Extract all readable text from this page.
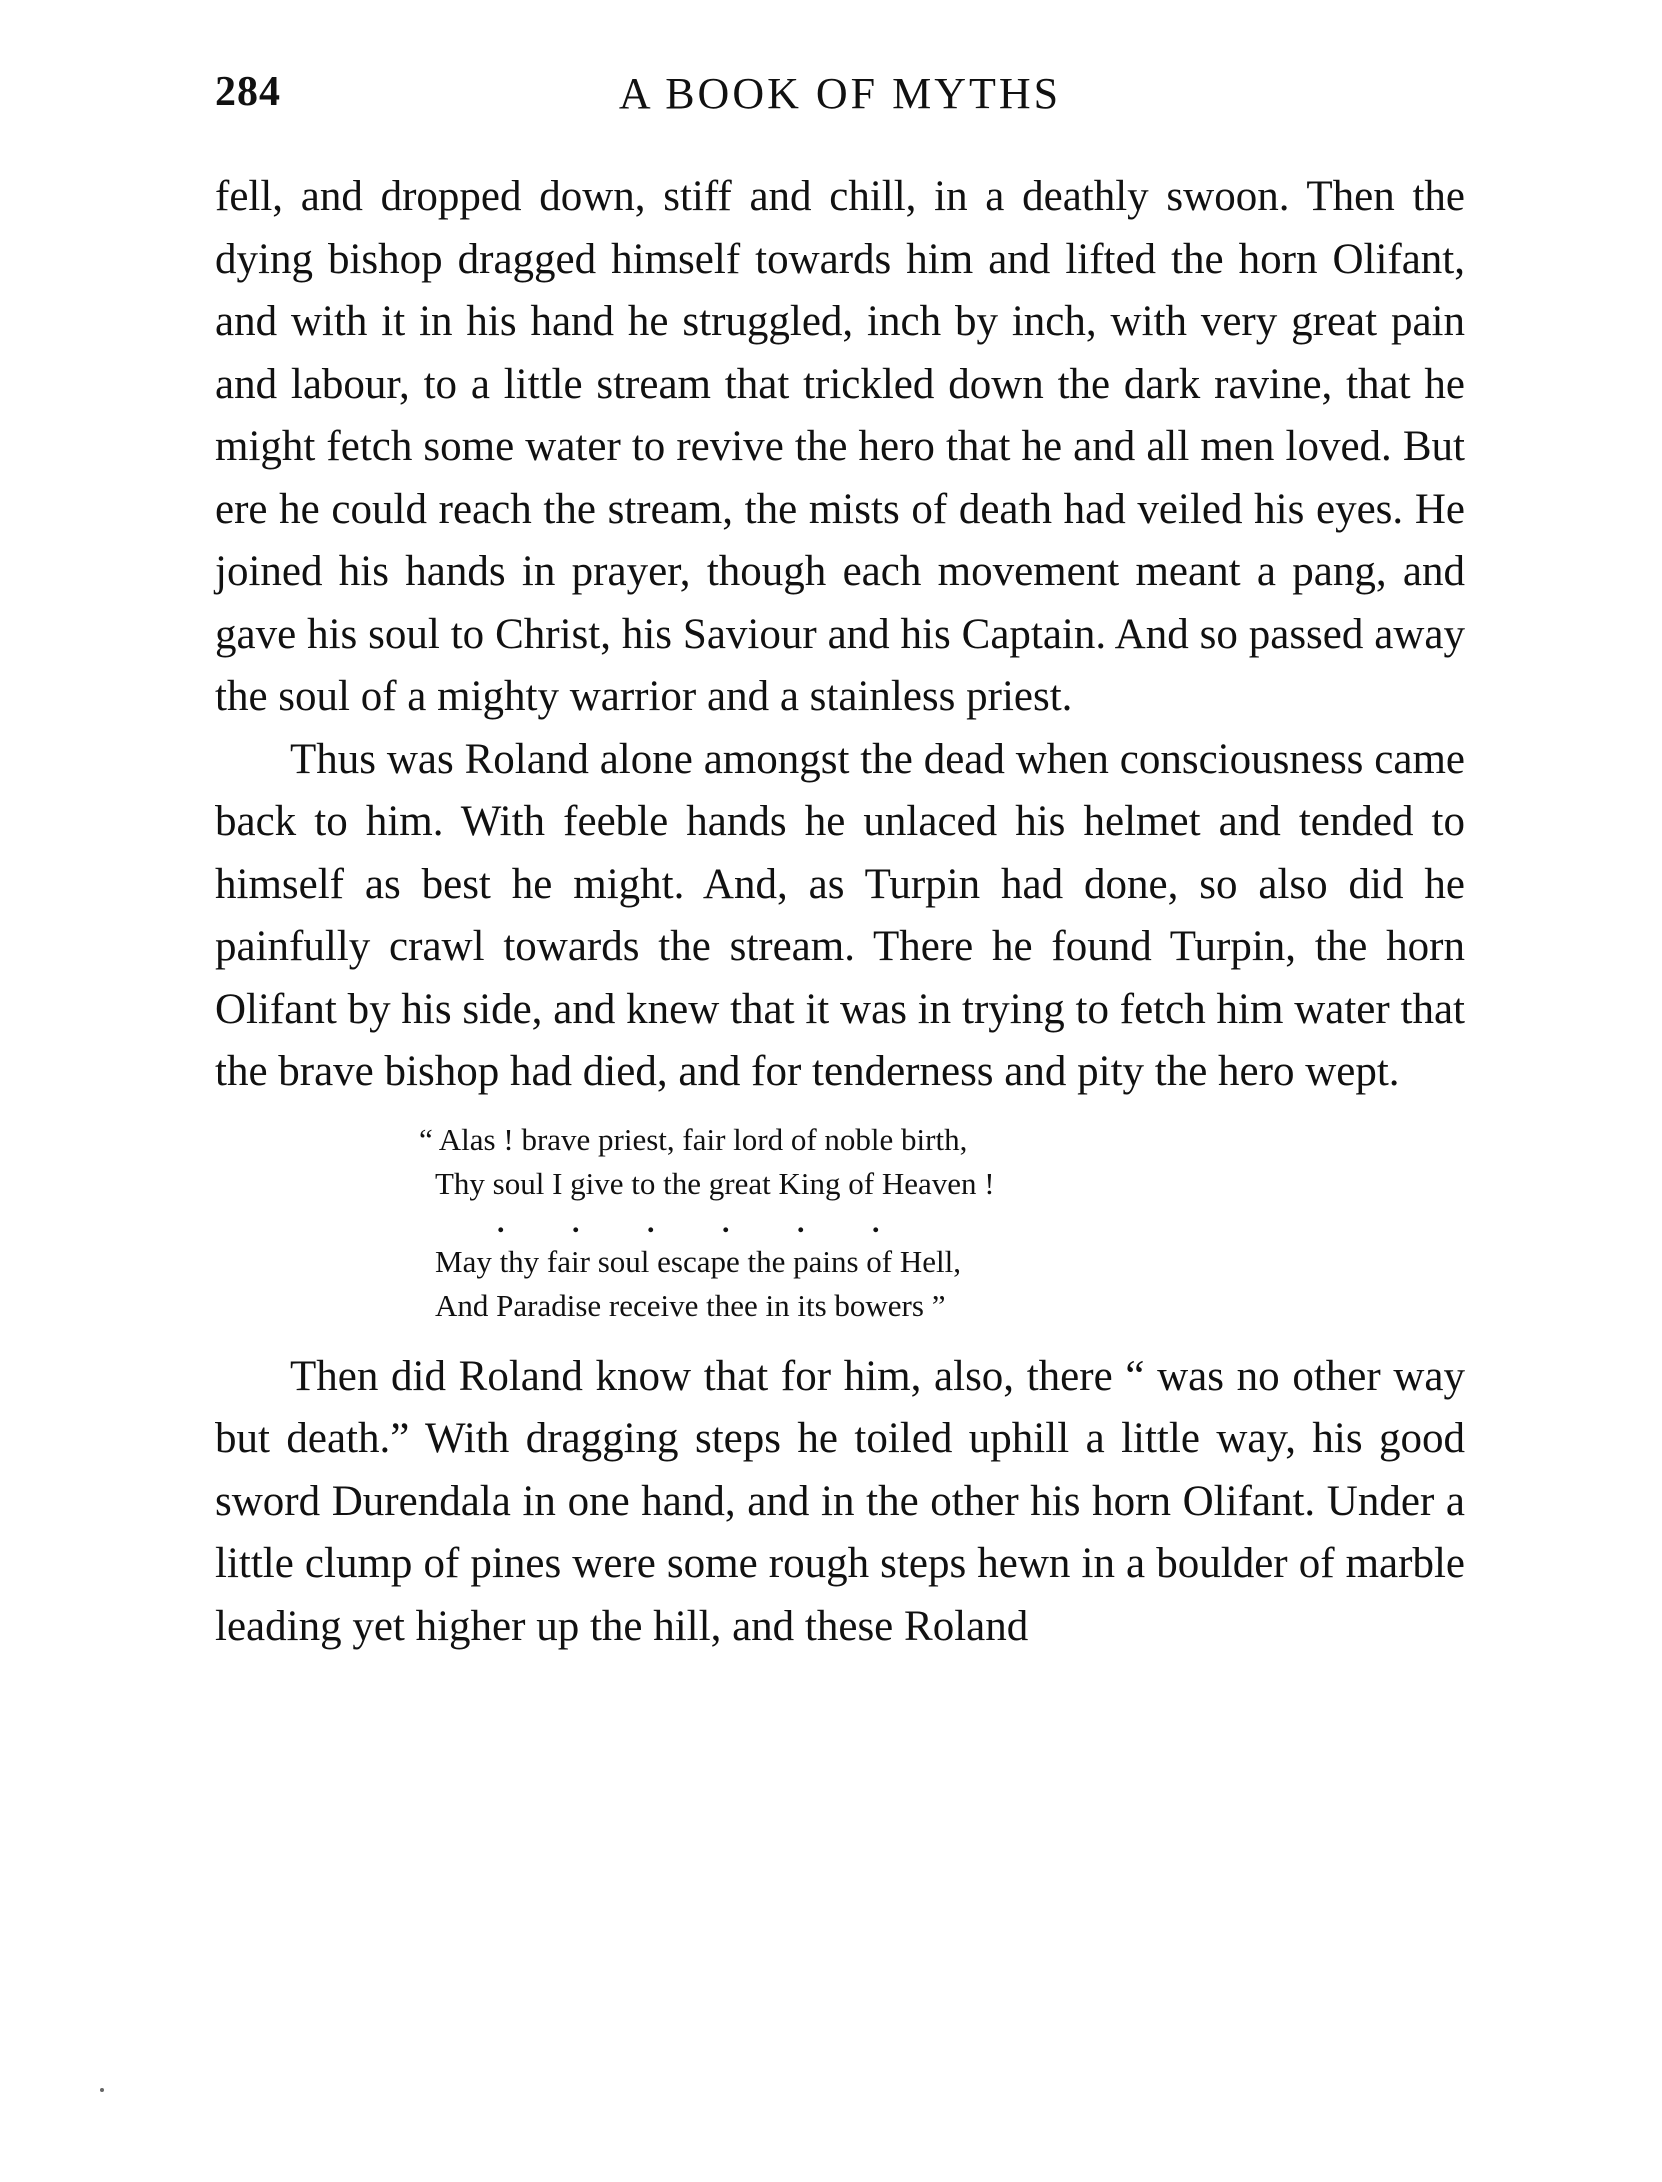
284	A BOOK OF MYTHS

fell, and dropped down, stiff and chill, in a deathly swoon. Then the dying bishop dragged himself towards him and lifted the horn Olifant, and with it in his hand he struggled, inch by inch, with very great pain and labour, to a little stream that trickled down the dark ravine, that he might fetch some water to revive the hero that he and all men loved. But ere he could reach the stream, the mists of death had veiled his eyes. He joined his hands in prayer, though each movement meant a pang, and gave his soul to Christ, his Saviour and his Captain. And so passed away the soul of a mighty warrior and a stainless priest.

Thus was Roland alone amongst the dead when consciousness came back to him. With feeble hands he unlaced his helmet and tended to himself as best he might. And, as Turpin had done, so also did he painfully crawl towards the stream. There he found Turpin, the horn Olifant by his side, and knew that it was in trying to fetch him water that the brave bishop had died, and for tenderness and pity the hero wept.

“ Alas ! brave priest, fair lord of noble birth,
Thy soul I give to the great King of Heaven !
. . . . . .
May thy fair soul escape the pains of Hell,
And Paradise receive thee in its bowers ”

Then did Roland know that for him, also, there “ was no other way but death.” With dragging steps he toiled uphill a little way, his good sword Durendala in one hand, and in the other his horn Olifant. Under a little clump of pines were some rough steps hewn in a boulder of marble leading yet higher up the hill, and these Roland
